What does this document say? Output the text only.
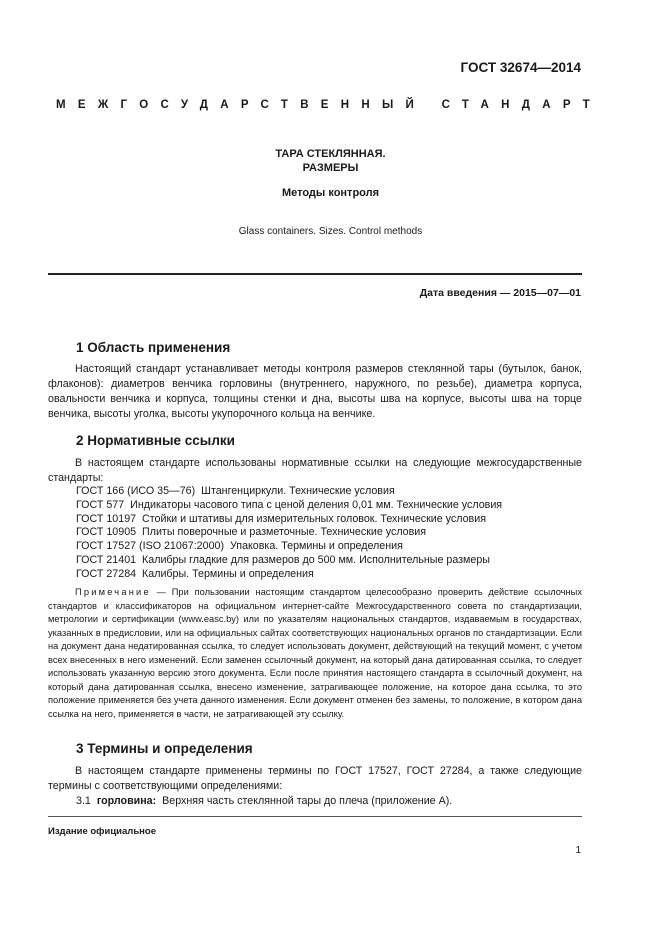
ГОСТ 32674—2014
МЕЖГОСУДАРСТВЕННЫЙ СТАНДАРТ
ТАРА СТЕКЛЯННАЯ.
РАЗМЕРЫ
Методы контроля
Glass containers. Sizes. Control methods
Дата введения — 2015—07—01
1 Область применения
Настоящий стандарт устанавливает методы контроля размеров стеклянной тары (бутылок, банок, флаконов): диаметров венчика горловины (внутреннего, наружного, по резьбе), диаметра корпуса, овальности венчика и корпуса, толщины стенки и дна, высоты шва на корпусе, высоты шва на торце венчика, высоты уголка, высоты укупорочного кольца на венчике.
2 Нормативные ссылки
В настоящем стандарте использованы нормативные ссылки на следующие межгосударственные стандарты:
ГОСТ 166 (ИСО 35—76) Штангенциркули. Технические условия
ГОСТ 577 Индикаторы часового типа с ценой деления 0,01 мм. Технические условия
ГОСТ 10197 Стойки и штативы для измерительных головок. Технические условия
ГОСТ 10905 Плиты поверочные и разметочные. Технические условия
ГОСТ 17527 (ISO 21067:2000) Упаковка. Термины и определения
ГОСТ 21401 Калибры гладкие для размеров до 500 мм. Исполнительные размеры
ГОСТ 27284 Калибры. Термины и определения
Примечание — При пользовании настоящим стандартом целесообразно проверить действие ссылочных стандартов и классификаторов на официальном интернет-сайте Межгосударственного совета по стандартизации, метрологии и сертификации (www.easc.by) или по указателям национальных стандартов, издаваемым в государствах, указанных в предисловии, или на официальных сайтах соответствующих национальных органов по стандартизации. Если на документ дана недатированная ссылка, то следует использовать документ, действующий на текущий момент, с учетом всех внесенных в него изменений. Если заменен ссылочный документ, на который дана датированная ссылка, то следует использовать указанную версию этого документа. Если после принятия настоящего стандарта в ссылочный документ, на который дана датированная ссылка, внесено изменение, затрагивающее положение, на которое дана ссылка, то это положение применяется без учета данного изменения. Если документ отменен без замены, то положение, в котором дана ссылка на него, применяется в части, не затрагивающей эту ссылку.
3 Термины и определения
В настоящем стандарте применены термины по ГОСТ 17527, ГОСТ 27284, а также следующие термины с соответствующими определениями:
3.1 горловина: Верхняя часть стеклянной тары до плеча (приложение А).
Издание официальное
1
